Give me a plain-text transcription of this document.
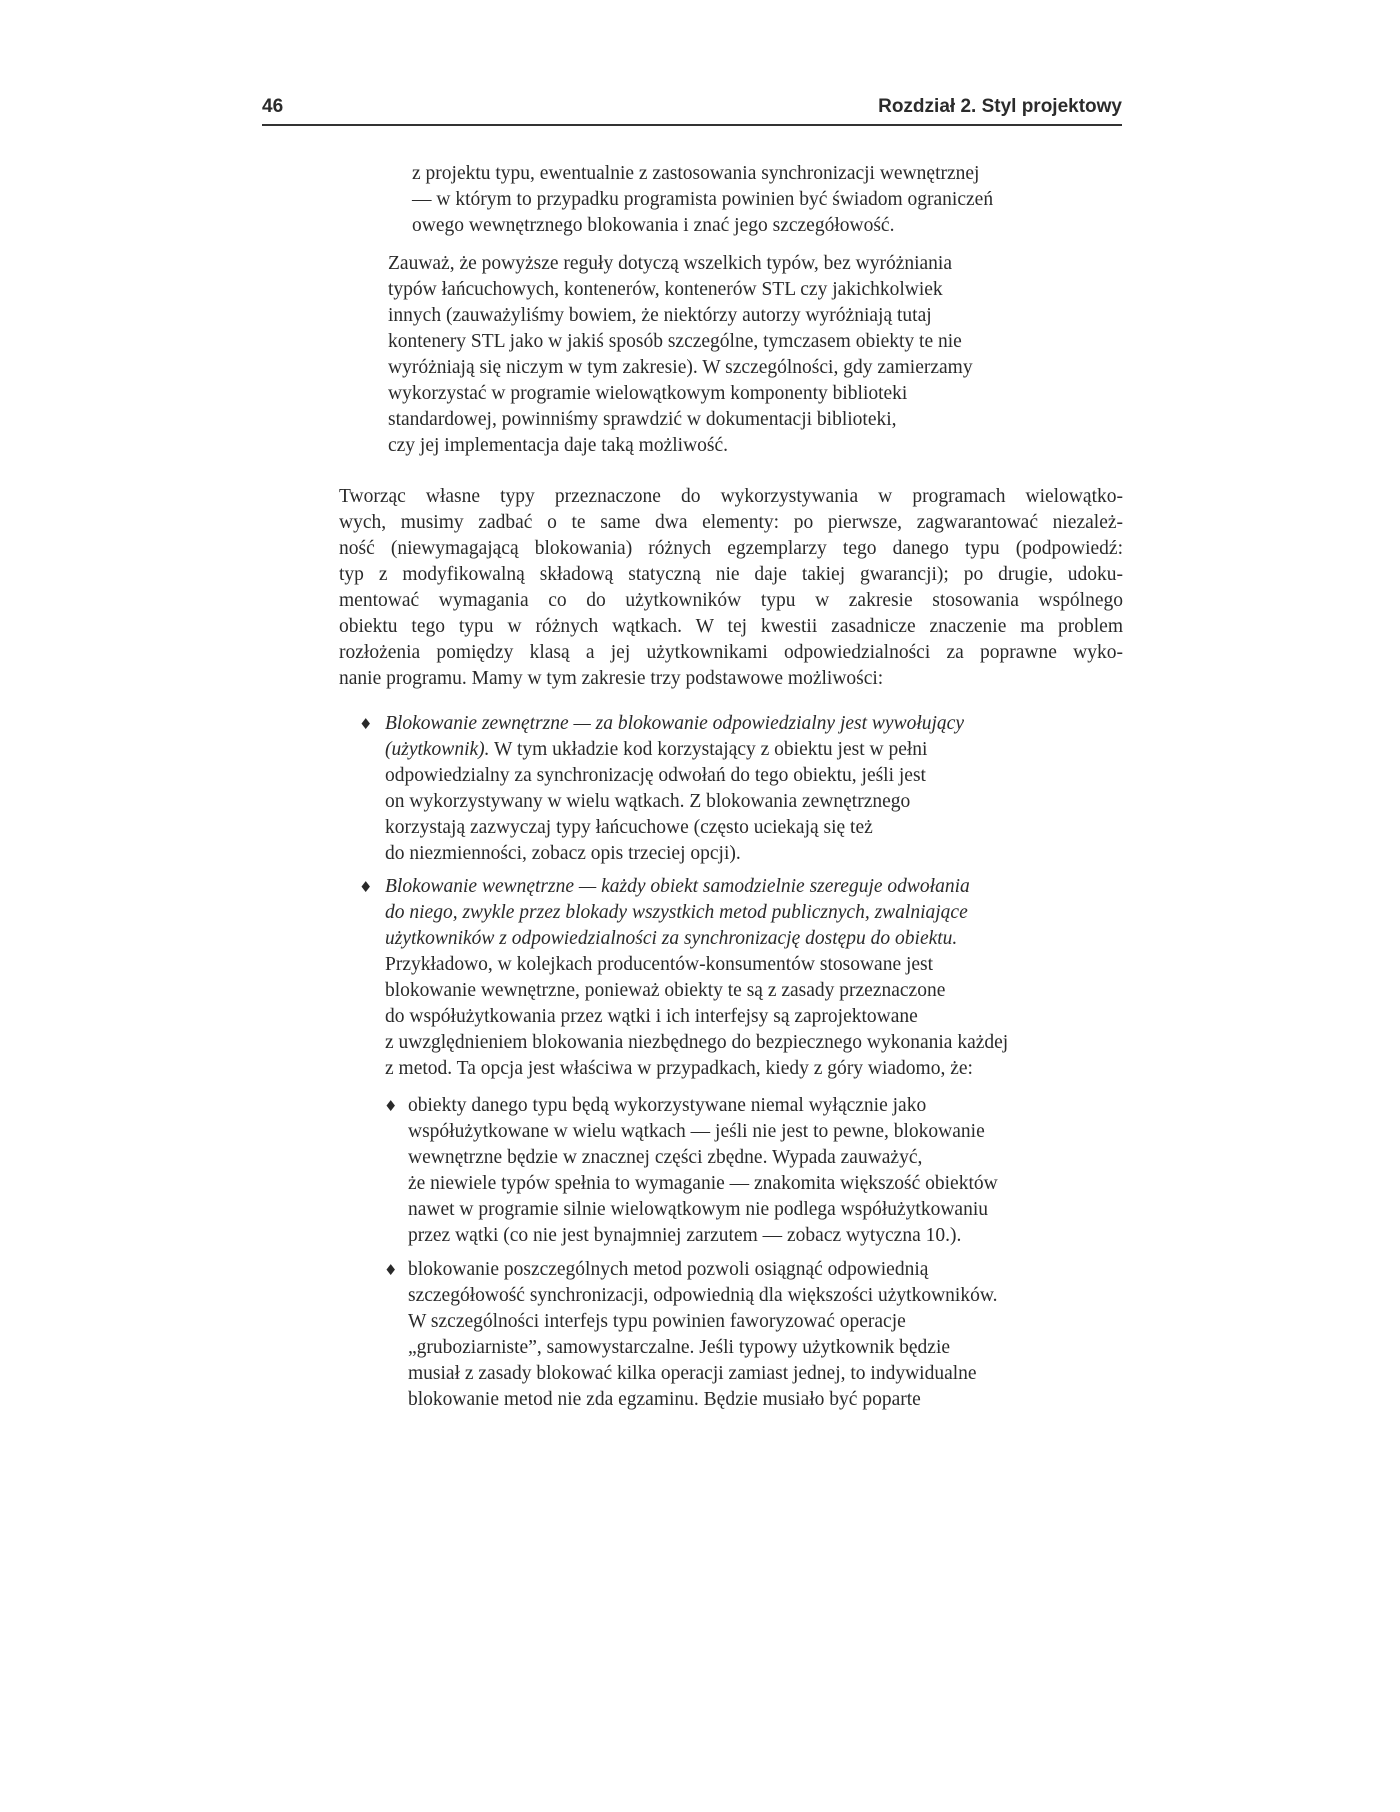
46	Rozdział 2. Styl projektowy
z projektu typu, ewentualnie z zastosowania synchronizacji wewnętrznej
— w którym to przypadku programista powinien być świadom ograniczeń
owego wewnętrznego blokowania i znać jego szczegółowość.
Zauważ, że powyższe reguły dotyczą wszelkich typów, bez wyróżniania
typów łańcuchowych, kontenerów, kontenerów STL czy jakichkolwiek
innych (zauważyliśmy bowiem, że niektórzy autorzy wyróżniają tutaj
kontenery STL jako w jakiś sposób szczególne, tymczasem obiekty te nie
wyróżniają się niczym w tym zakresie). W szczególności, gdy zamierzamy
wykorzystać w programie wielowątkowym komponenty biblioteki
standardowej, powinniśmy sprawdzić w dokumentacji biblioteki,
czy jej implementacja daje taką możliwość.
Tworząc własne typy przeznaczone do wykorzystywania w programach wielowątko-
wych, musimy zadbać o te same dwa elementy: po pierwsze, zagwarantować niezależ-
ność (niewymagającą blokowania) różnych egzemplarzy tego danego typu (podpowiedź:
typ z modyfikowalną składową statyczną nie daje takiej gwarancji); po drugie, udoku-
mentować wymagania co do użytkowników typu w zakresie stosowania wspólnego
obiektu tego typu w różnych wątkach. W tej kwestii zasadnicze znaczenie ma problem
rozłożenia pomiędzy klasą a jej użytkownikami odpowiedzialności za poprawne wyko-
nanie programu. Mamy w tym zakresie trzy podstawowe możliwości:
♦ Blokowanie zewnętrzne — za blokowanie odpowiedzialny jest wywołujący
(użytkownik). W tym układzie kod korzystający z obiektu jest w pełni
odpowiedzialny za synchronizację odwołań do tego obiektu, jeśli jest
on wykorzystywany w wielu wątkach. Z blokowania zewnętrznego
korzystają zazwyczaj typy łańcuchowe (często uciekają się też
do niezmienności, zobacz opis trzeciej opcji).
♦ Blokowanie wewnętrzne — każdy obiekt samodzielnie szereguje odwołania
do niego, zwykle przez blokady wszystkich metod publicznych, zwalniające
użytkowników z odpowiedzialności za synchronizację dostępu do obiektu.
Przykładowo, w kolejkach producentów-konsumentów stosowane jest
blokowanie wewnętrzne, ponieważ obiekty te są z zasady przeznaczone
do współużytkowania przez wątki i ich interfejsy są zaprojektowane
z uwzględnieniem blokowania niezbędnego do bezpiecznego wykonania każdej
z metod. Ta opcja jest właściwa w przypadkach, kiedy z góry wiadomo, że:
♦ obiekty danego typu będą wykorzystywane niemal wyłącznie jako
współużytkowane w wielu wątkach — jeśli nie jest to pewne, blokowanie
wewnętrzne będzie w znacznej części zbędne. Wypada zauważyć,
że niewiele typów spełnia to wymaganie — znakomita większość obiektów
nawet w programie silnie wielowątkowym nie podlega współużytkowaniu
przez wątki (co nie jest bynajmniej zarzutem — zobacz wytyczna 10.).
♦ blokowanie poszczególnych metod pozwoli osiągnąć odpowiednią
szczegółowość synchronizacji, odpowiednią dla większości użytkowników.
W szczególności interfejs typu powinien faworyzować operacje
„gruboziarniste”, samowystarczalne. Jeśli typowy użytkownik będzie
musiał z zasady blokować kilka operacji zamiast jednej, to indywidualne
blokowanie metod nie zda egzaminu. Będzie musiało być poparte
